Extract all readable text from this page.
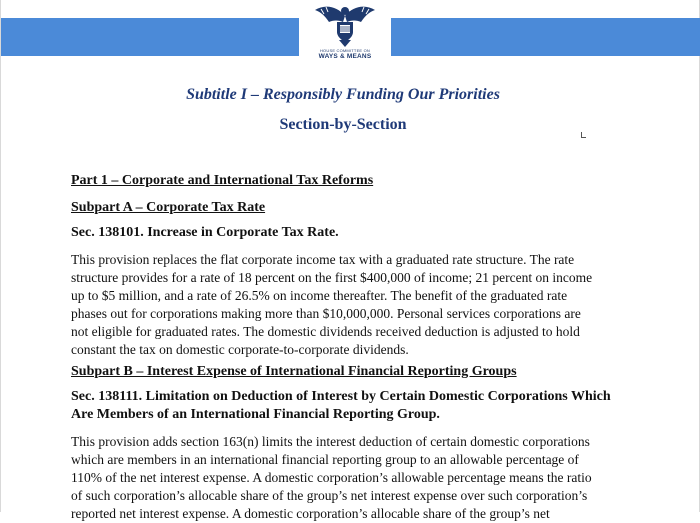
HOUSE COMMITTEE ON
WAYS & MEANS
Subtitle I – Responsibly Funding Our Priorities
Section-by-Section
Part 1 – Corporate and International Tax Reforms
Subpart A – Corporate Tax Rate
Sec. 138101. Increase in Corporate Tax Rate.
This provision replaces the flat corporate income tax with a graduated rate structure. The rate
structure provides for a rate of 18 percent on the first $400,000 of income; 21 percent on income
up to $5 million, and a rate of 26.5% on income thereafter. The benefit of the graduated rate
phases out for corporations making more than $10,000,000. Personal services corporations are
not eligible for graduated rates. The domestic dividends received deduction is adjusted to hold
constant the tax on domestic corporate-to-corporate dividends.
Subpart B – Interest Expense of International Financial Reporting Groups
Sec. 138111. Limitation on Deduction of Interest by Certain Domestic Corporations Which
Are Members of an International Financial Reporting Group.
This provision adds section 163(n) limits the interest deduction of certain domestic corporations
which are members in an international financial reporting group to an allowable percentage of
110% of the net interest expense. A domestic corporation’s allowable percentage means the ratio
of such corporation’s allocable share of the group’s net interest expense over such corporation’s
reported net interest expense. A domestic corporation’s allocable share of the group’s net
